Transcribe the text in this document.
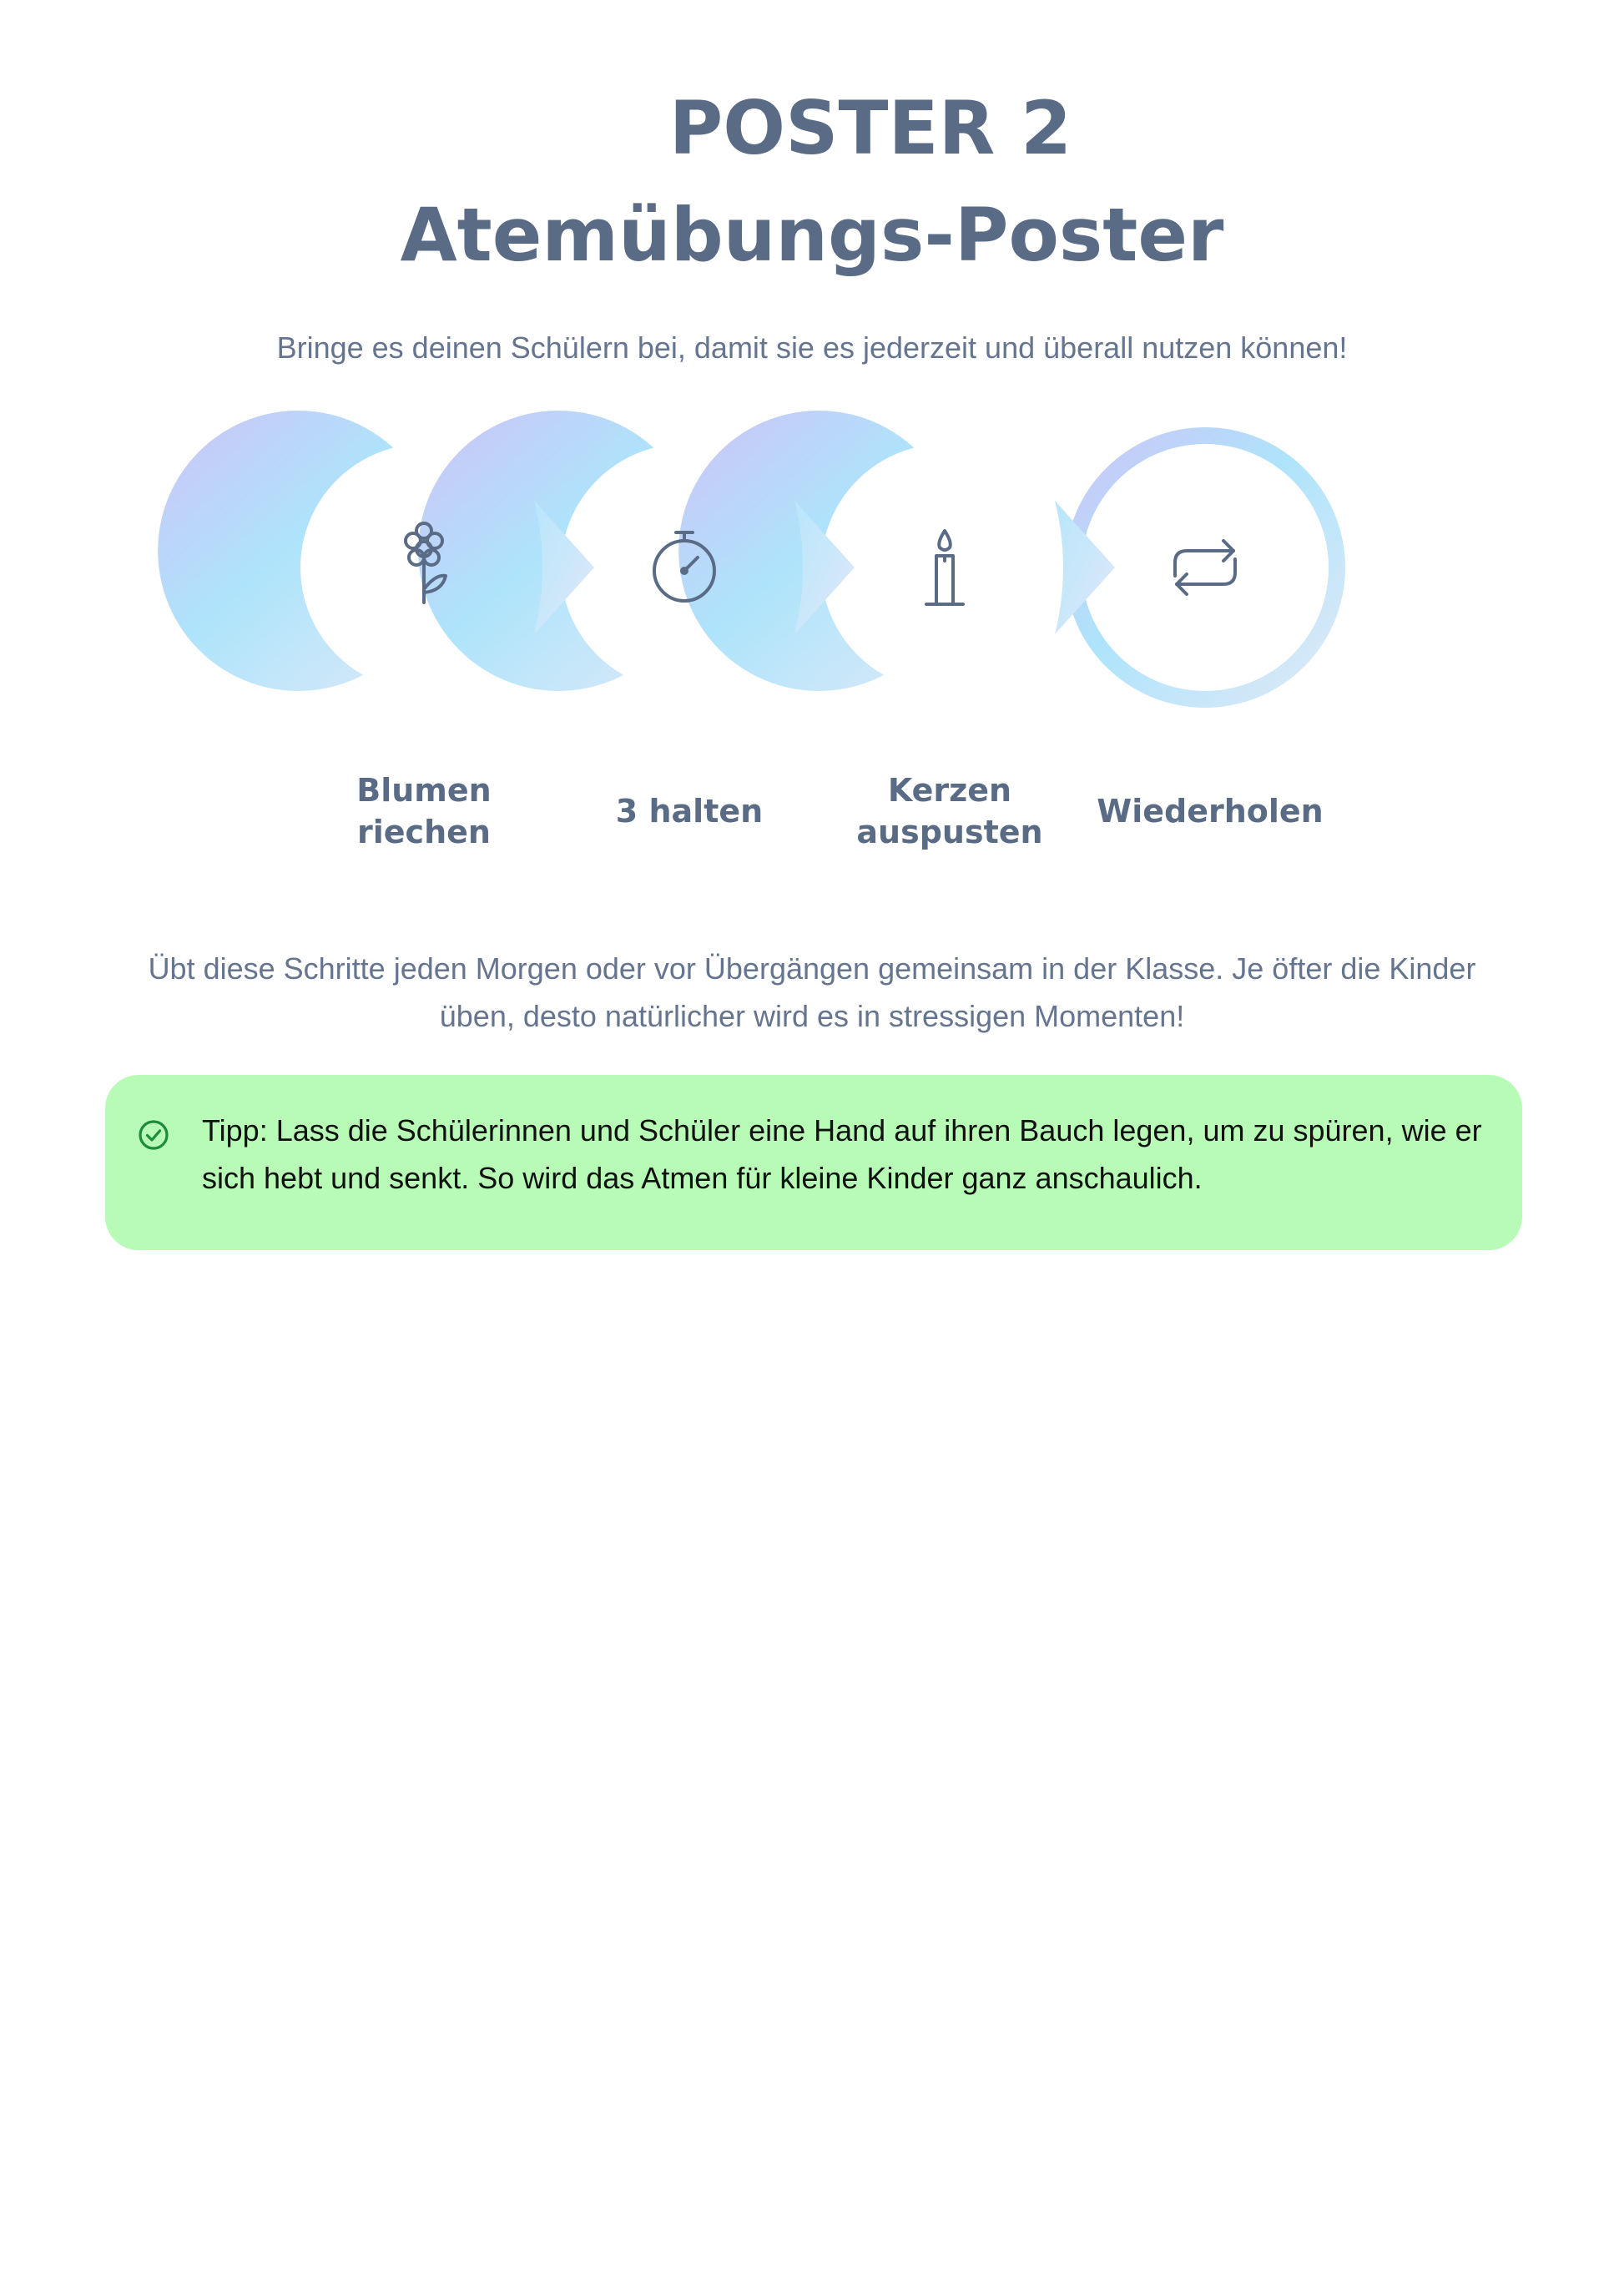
POSTER 2
Atemübungs-Poster

Bringe es deinen Schülern bei, damit sie es jederzeit und überall nutzen können!

Blumen
riechen
3 halten
Kerzen
auspusten
Wiederholen

Übt diese Schritte jeden Morgen oder vor Übergängen gemeinsam in der Klasse. Je öfter die Kinder üben, desto natürlicher wird es in stressigen Momenten!

Tipp: Lass die Schülerinnen und Schüler eine Hand auf ihren Bauch legen, um zu spüren, wie er sich hebt und senkt. So wird das Atmen für kleine Kinder ganz anschaulich.
